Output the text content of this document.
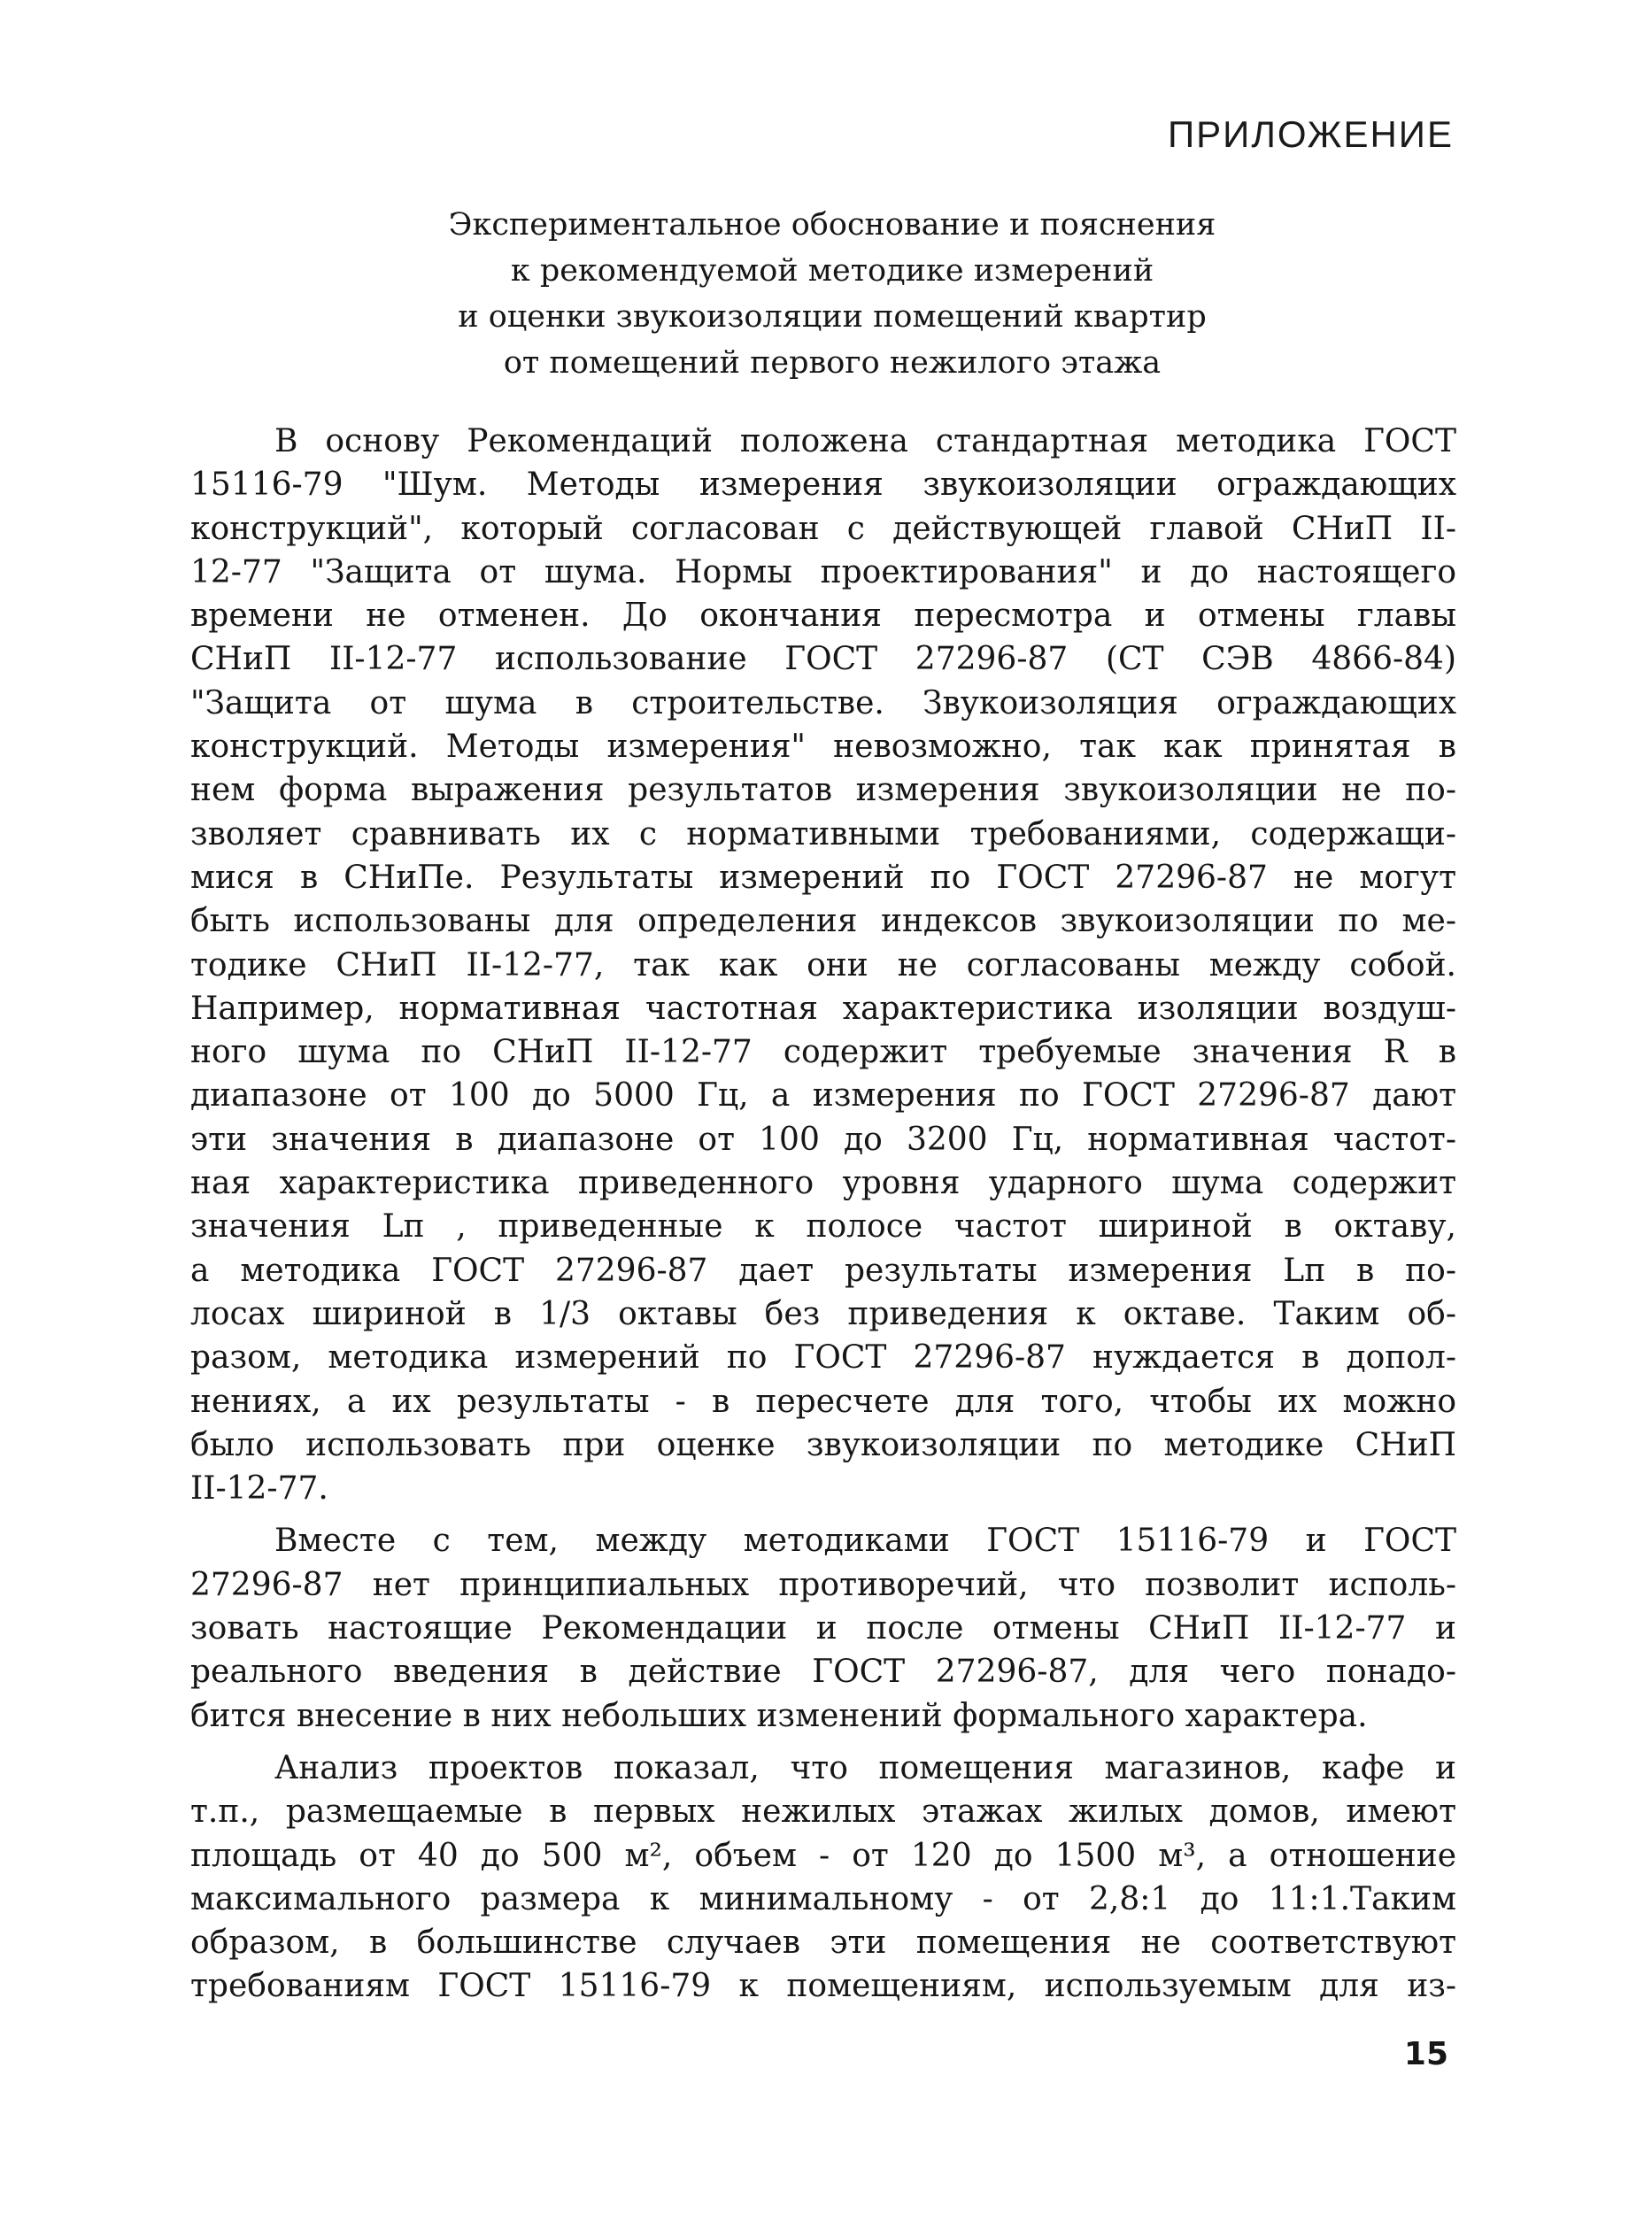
ПРИЛОЖЕНИЕ
Экспериментальное обоснование и пояснения
к рекомендуемой методике измерений
и оценки звукоизоляции помещений квартир
от помещений первого нежилого этажа

В основу Рекомендаций положена стандартная методика ГОСТ
15116-79 "Шум. Методы измерения звукоизоляции ограждающих
конструкций", который согласован с действующей главой СНиП II-
12-77 "Защита от шума. Нормы проектирования" и до настоящего
времени не отменен. До окончания пересмотра и отмены главы
СНиП II-12-77 использование ГОСТ 27296-87 (СТ СЭВ 4866-84)
"Защита от шума в строительстве. Звукоизоляция ограждающих
конструкций. Методы измерения" невозможно, так как принятая в
нем форма выражения результатов измерения звукоизоляции не по-
зволяет сравнивать их с нормативными требованиями, содержащи-
мися в СНиПе. Результаты измерений по ГОСТ 27296-87 не могут
быть использованы для определения индексов звукоизоляции по ме-
тодике СНиП II-12-77, так как они не согласованы между собой.
Например, нормативная частотная характеристика изоляции воздуш-
ного шума по СНиП II-12-77 содержит требуемые значения R в
диапазоне от 100 до 5000 Гц, а измерения по ГОСТ 27296-87 дают
эти значения в диапазоне от 100 до 3200 Гц, нормативная частот-
ная характеристика приведенного уровня ударного шума содержит
значения Lп , приведенные к полосе частот шириной в октаву,
а методика ГОСТ 27296-87 дает результаты измерения Lп в по-
лосах шириной в 1/3 октавы без приведения к октаве. Таким об-
разом, методика измерений по ГОСТ 27296-87 нуждается в допол-
нениях, а их результаты - в пересчете для того, чтобы их можно
было использовать при оценке звукоизоляции по методике СНиП
II-12-77.

Вместе с тем, между методиками ГОСТ 15116-79 и ГОСТ
27296-87 нет принципиальных противоречий, что позволит исполь-
зовать настоящие Рекомендации и после отмены СНиП II-12-77 и
реального введения в действие ГОСТ 27296-87, для чего понадо-
бится внесение в них небольших изменений формального характера.

Анализ проектов показал, что помещения магазинов, кафе и
т.п., размещаемые в первых нежилых этажах жилых домов, имеют
площадь от 40 до 500 м², объем - от 120 до 1500 м³, а отношение
максимального размера к минимальному - от 2,8:1 до 11:1.Таким
образом, в большинстве случаев эти помещения не соответствуют
требованиям ГОСТ 15116-79 к помещениям, используемым для из-

15
